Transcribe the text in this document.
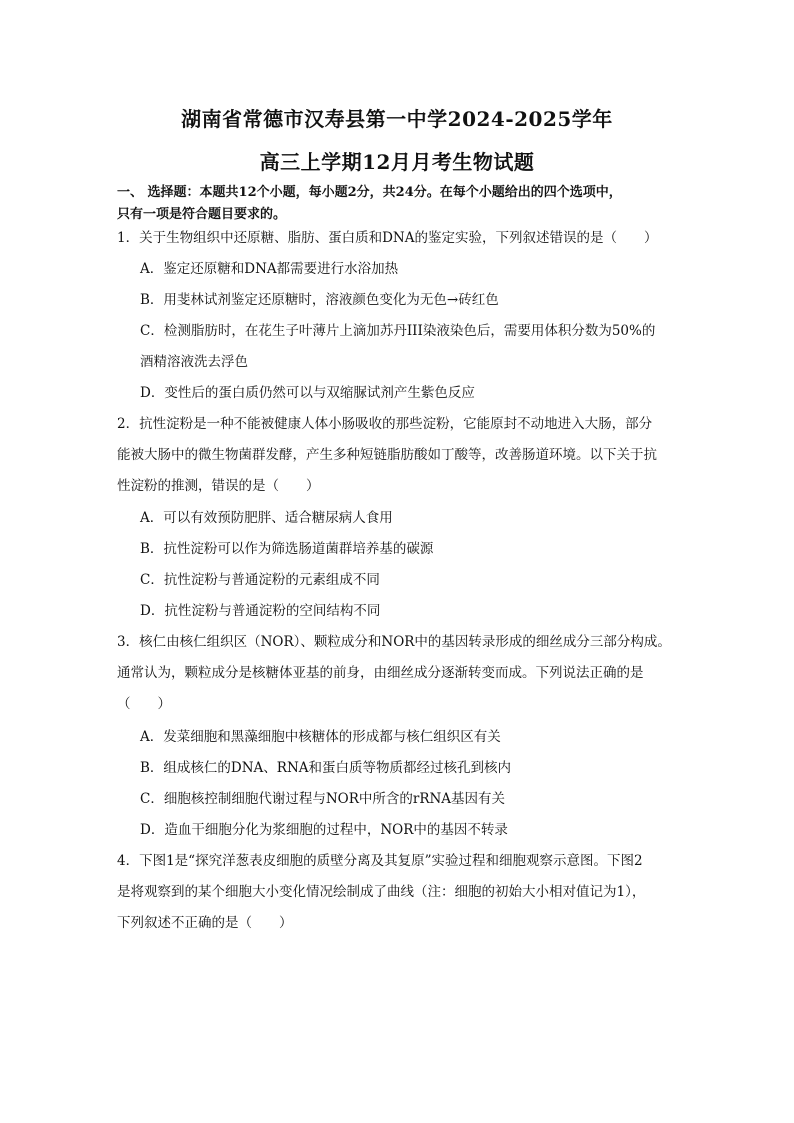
湖南省常德市汉寿县第一中学2024-2025学年
高三上学期12月月考生物试题
一、 选择题：本题共12个小题，每小题2分，共24分。在每个小题给出的四个选项中，
只有一项是符合题目要求的。
1．关于生物组织中还原糖、脂肪、蛋白质和DNA的鉴定实验，下列叙述错误的是（　　）
A．鉴定还原糖和DNA都需要进行水浴加热
B．用斐林试剂鉴定还原糖时，溶液颜色变化为无色→砖红色
C．检测脂肪时，在花生子叶薄片上滴加苏丹III染液染色后，需要用体积分数为50%的
酒精溶液洗去浮色
D．变性后的蛋白质仍然可以与双缩脲试剂产生紫色反应
2．抗性淀粉是一种不能被健康人体小肠吸收的那些淀粉，它能原封不动地进入大肠，部分
能被大肠中的微生物菌群发酵，产生多种短链脂肪酸如丁酸等，改善肠道环境。以下关于抗
性淀粉的推测，错误的是（　　）
A．可以有效预防肥胖、适合糖尿病人食用
B．抗性淀粉可以作为筛选肠道菌群培养基的碳源
C．抗性淀粉与普通淀粉的元素组成不同
D．抗性淀粉与普通淀粉的空间结构不同
3．核仁由核仁组织区（NOR）、颗粒成分和NOR中的基因转录形成的细丝成分三部分构成。
通常认为，颗粒成分是核糖体亚基的前身，由细丝成分逐渐转变而成。下列说法正确的是
（　　）
A．发菜细胞和黑藻细胞中核糖体的形成都与核仁组织区有关
B．组成核仁的DNA、RNA和蛋白质等物质都经过核孔到核内
C．细胞核控制细胞代谢过程与NOR中所含的rRNA基因有关
D．造血干细胞分化为浆细胞的过程中，NOR中的基因不转录
4．下图1是“探究洋葱表皮细胞的质壁分离及其复原”实验过程和细胞观察示意图。下图2
是将观察到的某个细胞大小变化情况绘制成了曲线（注：细胞的初始大小相对值记为1），
下列叙述不正确的是（　　）
